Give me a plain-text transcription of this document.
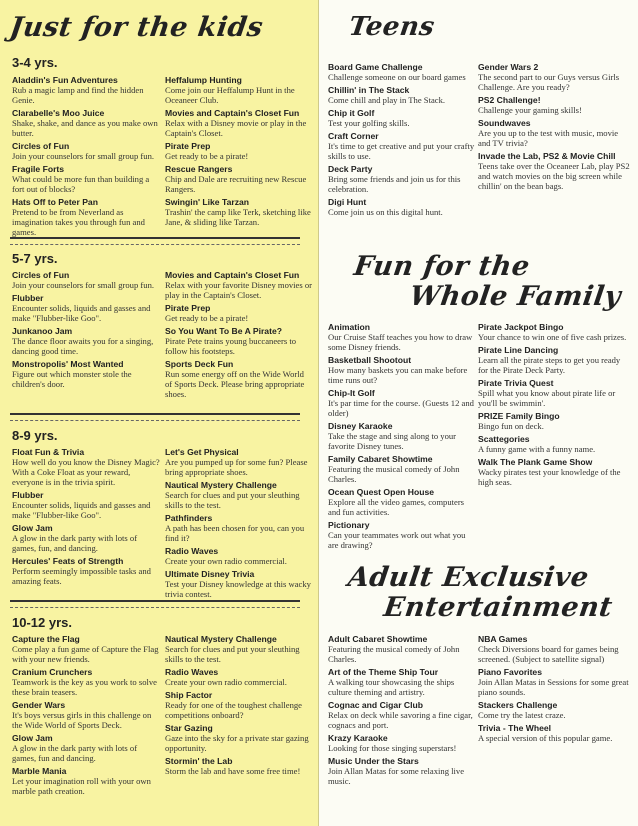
Just for the kids
3-4 yrs.
Aladdin's Fun Adventures
Rub a magic lamp and find the hidden Genie.
Clarabelle's Moo Juice
Shake, shake, and dance as you make own butter.
Circles of Fun
Join your counselors for small group fun.
Fragile Forts
What could be more fun than building a fort out of blocks?
Hats Off to Peter Pan
Pretend to be from Neverland as imagination takes you through fun and games.
Heffalump Hunting
Come join our Heffalump Hunt in the Oceaneer Club.
Movies and Captain's Closet Fun
Relax with a Disney movie or play in the Captain's Closet.
Pirate Prep
Get ready to be a pirate!
Rescue Rangers
Chip and Dale are recruiting new Rescue Rangers.
Swingin' Like Tarzan
Trashin' the camp like Terk, sketching like Jane, & sliding like Tarzan.
5-7 yrs.
Circles of Fun
Join your counselors for small group fun.
Flubber
Encounter solids, liquids and gasses and make "Flubber-like Goo".
Junkanoo Jam
The dance floor awaits you for a singing, dancing good time.
Monstropolis' Most Wanted
Figure out which monster stole the children's door.
Movies and Captain's Closet Fun
Relax with your favorite Disney movies or play in the Captain's Closet.
Pirate Prep
Get ready to be a pirate!
So You Want To Be A Pirate?
Pirate Pete trains young buccaneers to follow his footsteps.
Sports Deck Fun
Run some energy off on the Wide World of Sports Deck. Please bring appropriate shoes.
8-9 yrs.
Float Fun & Trivia
How well do you know the Disney Magic? With a Coke Float as your reward, everyone is in the trivia spirit.
Flubber
Encounter solids, liquids and gasses and make "Flubber-like Goo".
Glow Jam
A glow in the dark party with lots of games, fun, and dancing.
Hercules' Feats of Strength
Perform seemingly impossible tasks and amazing feats.
Let's Get Physical
Are you pumped up for some fun? Please bring appropriate shoes.
Nautical Mystery Challenge
Search for clues and put your sleuthing skills to the test.
Pathfinders
A path has been chosen for you, can you find it?
Radio Waves
Create your own radio commercial.
Ultimate Disney Trivia
Test your Disney knowledge at this wacky trivia contest.
10-12 yrs.
Capture the Flag
Come play a fun game of Capture the Flag with your new friends.
Cranium Crunchers
Teamwork is the key as you work to solve these brain teasers.
Gender Wars
It's boys versus girls in this challenge on the Wide World of Sports Deck.
Glow Jam
A glow in the dark party with lots of games, fun and dancing.
Marble Mania
Let your imagination roll with your own marble path creation.
Nautical Mystery Challenge
Search for clues and put your sleuthing skills to the test.
Radio Waves
Create your own radio commercial.
Ship Factor
Ready for one of the toughest challenge competitions onboard?
Star Gazing
Gaze into the sky for a private star gazing opportunity.
Stormin' the Lab
Storm the lab and have some free time!
Teens
Board Game Challenge
Challenge someone on our board games
Chillin' in The Stack
Come chill and play in The Stack.
Chip it Golf
Test your golfing skills.
Craft Corner
It's time to get creative and put your crafty skills to use.
Deck Party
Bring some friends and join us for this celebration.
Digi Hunt
Come join us on this digital hunt.
Gender Wars 2
The second part to our Guys versus Girls Challenge. Are you ready?
PS2 Challenge!
Challenge your gaming skills!
Soundwaves
Are you up to the test with music, movie and TV trivia?
Invade the Lab, PS2 & Movie Chill
Teens take over the Oceaneer Lab, play PS2 and watch movies on the big screen while chillin' on the bean bags.
Fun for the
Whole Family
Animation
Our Cruise Staff teaches you how to draw some Disney friends.
Basketball Shootout
How many baskets you can make before time runs out?
Chip-It Golf
It's par time for the course. (Guests 12 and older)
Disney Karaoke
Take the stage and sing along to your favorite Disney tunes.
Family Cabaret Showtime
Featuring the musical comedy of John Charles.
Ocean Quest Open House
Explore all the video games, computers and fun activities.
Pictionary
Can your teammates work out what you are drawing?
Pirate Jackpot Bingo
Your chance to win one of five cash prizes.
Pirate Line Dancing
Learn all the pirate steps to get you ready for the Pirate Deck Party.
Pirate Trivia Quest
Spill what you know about pirate life or you'll be swimmin'.
PRIZE Family Bingo
Bingo fun on deck.
Scattegories
A funny game with a funny name.
Walk The Plank Game Show
Wacky pirates test your knowledge of the high seas.
Adult Exclusive
Entertainment
Adult Cabaret Showtime
Featuring the musical comedy of John Charles.
Art of the Theme Ship Tour
A walking tour showcasing the ships culture theming and artistry.
Cognac and Cigar Club
Relax on deck while savoring a fine cigar, cognacs and port.
Krazy Karaoke
Looking for those singing superstars!
Music Under the Stars
Join Allan Matas for some relaxing live music.
NBA Games
Check Diversions board for games being screened. (Subject to satellite signal)
Piano Favorites
Join Allan Matas in Sessions for some great piano sounds.
Stackers Challenge
Come try the latest craze.
Trivia - The Wheel
A special version of this popular game.
